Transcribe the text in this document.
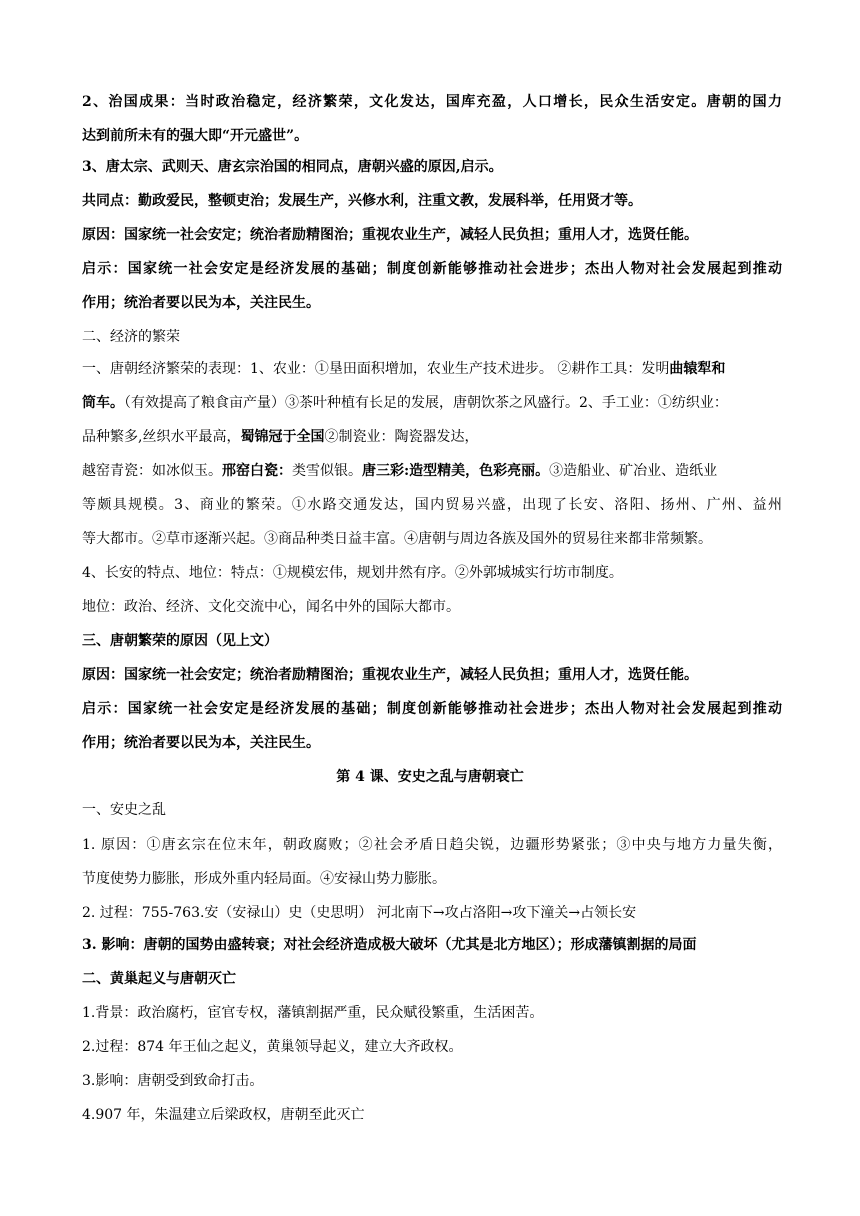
2、治国成果：当时政治稳定，经济繁荣，文化发达，国库充盈，人口增长，民众生活安定。唐朝的国力
达到前所未有的强大即“开元盛世”。
3、唐太宗、武则天、唐玄宗治国的相同点，唐朝兴盛的原因,启示。
共同点：勤政爱民，整顿吏治；发展生产，兴修水利，注重文教，发展科举，任用贤才等。
原因：国家统一社会安定；统治者励精图治；重视农业生产，减轻人民负担；重用人才，选贤任能。
启示：国家统一社会安定是经济发展的基础；制度创新能够推动社会进步；杰出人物对社会发展起到推动
作用；统治者要以民为本，关注民生。
二、经济的繁荣
一、唐朝经济繁荣的表现：1、农业：①垦田面积增加，农业生产技术进步。 ②耕作工具：发明曲辕犁和
筒车。（有效提高了粮食亩产量）③茶叶种植有长足的发展，唐朝饮茶之风盛行。2、手工业：①纺织业：
品种繁多,丝织水平最高，蜀锦冠于全国②制瓷业：陶瓷器发达，
越窑青瓷：如冰似玉。邢窑白瓷：类雪似银。唐三彩:造型精美，色彩亮丽。③造船业、矿冶业、造纸业
等颇具规模。3、商业的繁荣。①水路交通发达，国内贸易兴盛，出现了长安、洛阳、扬州、广州、益州
等大都市。②草市逐渐兴起。③商品种类日益丰富。④唐朝与周边各族及国外的贸易往来都非常频繁。
4、长安的特点、地位：特点：①规模宏伟，规划井然有序。②外郭城城实行坊市制度。
地位：政治、经济、文化交流中心，闻名中外的国际大都市。
三、唐朝繁荣的原因（见上文）
原因：国家统一社会安定；统治者励精图治；重视农业生产，减轻人民负担；重用人才，选贤任能。
启示：国家统一社会安定是经济发展的基础；制度创新能够推动社会进步；杰出人物对社会发展起到推动
作用；统治者要以民为本，关注民生。
第 4 课、安史之乱与唐朝衰亡
一、安史之乱
1. 原因：①唐玄宗在位末年，朝政腐败；②社会矛盾日趋尖锐，边疆形势紧张；③中央与地方力量失衡，
节度使势力膨胀，形成外重内轻局面。④安禄山势力膨胀。
2. 过程：755-763.安（安禄山）史（史思明） 河北南下→攻占洛阳→攻下潼关→占领长安
3. 影响：唐朝的国势由盛转衰；对社会经济造成极大破坏（尤其是北方地区）；形成藩镇割据的局面
二、黄巢起义与唐朝灭亡
1.背景：政治腐朽，宦官专权，藩镇割据严重，民众赋役繁重，生活困苦。
2.过程：874 年王仙之起义，黄巢领导起义，建立大齐政权。
3.影响：唐朝受到致命打击。
4.907 年，朱温建立后梁政权，唐朝至此灭亡
